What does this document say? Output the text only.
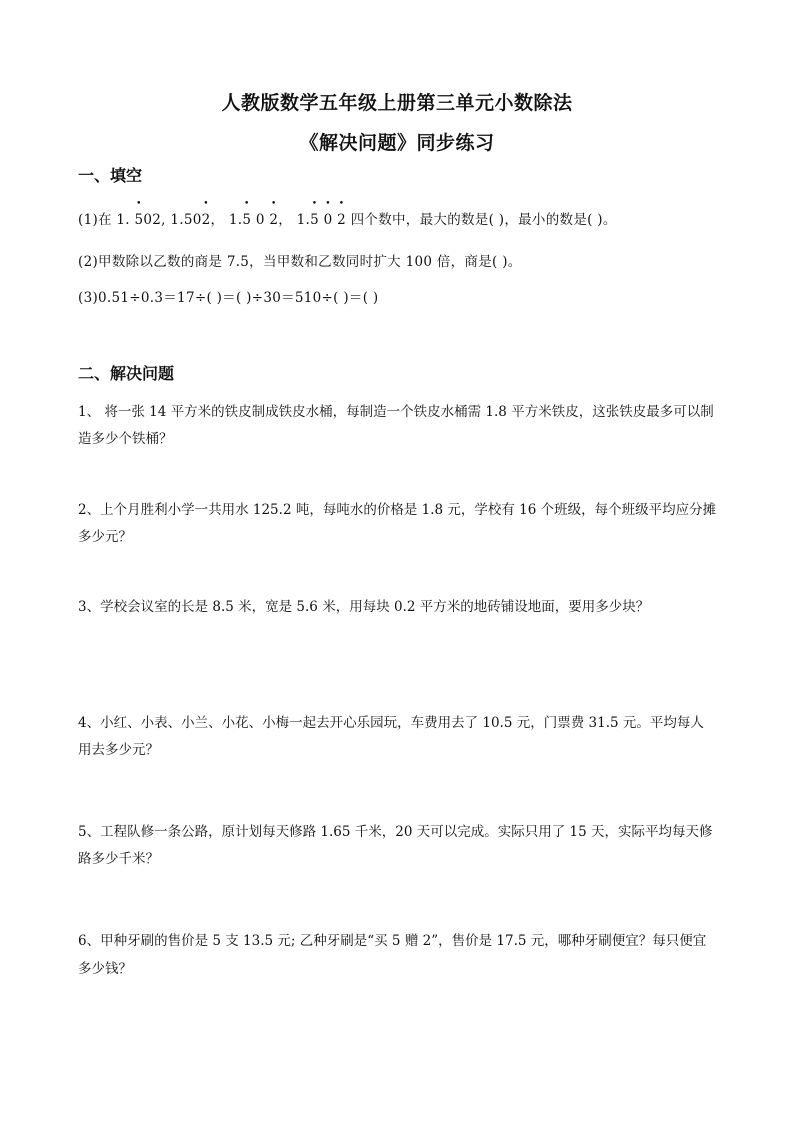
人教版数学五年级上册第三单元小数除法
《解决问题》同步练习
一、填空
(1)在 1. • 502, 1.50• 2， 1.• 5 0 • 2， 1.• 5 • 0 • 2 四个数中，最大的数是( )，最小的数是( )。
(2)甲数除以乙数的商是 7.5，当甲数和乙数同时扩大 100 倍，商是( )。
(3)0.51÷0.3＝17÷( )＝( )÷30＝510÷( )＝( )
二、解决问题
1、 将一张 14 平方米的铁皮制成铁皮水桶，每制造一个铁皮水桶需 1.8 平方米铁皮，这张铁皮最多可以制
造多少个铁桶？
2、上个月胜利小学一共用水 125.2 吨，每吨水的价格是 1.8 元，学校有 16 个班级，每个班级平均应分摊
多少元？
3、学校会议室的长是 8.5 米，宽是 5.6 米，用每块 0.2 平方米的地砖铺设地面，要用多少块？
4、小红、小表、小兰、小花、小梅一起去开心乐园玩，车费用去了 10.5 元，门票费 31.5 元。平均每人
用去多少元？
5、工程队修一条公路，原计划每天修路 1.65 千米，20 天可以完成。实际只用了 15 天，实际平均每天修
路多少千米？
6、甲种牙刷的售价是 5 支 13.5 元; 乙种牙刷是“买 5 赠 2”，售价是 17.5 元，哪种牙刷便宜？每只便宜
多少钱？
